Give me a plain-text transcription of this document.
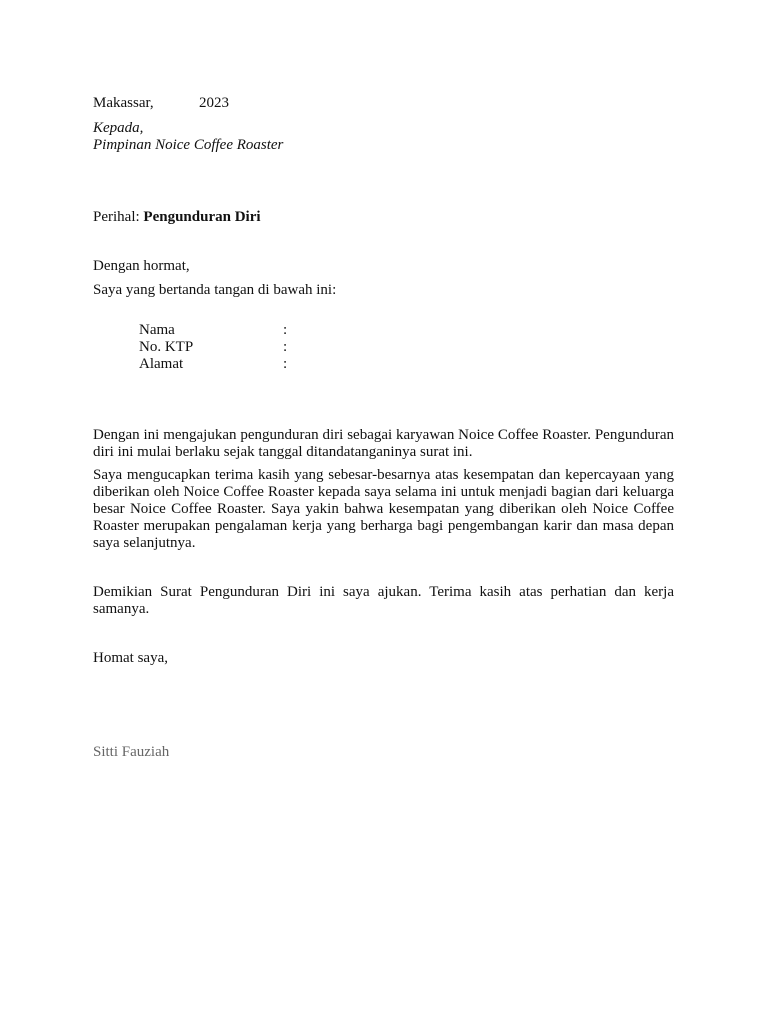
Makassar,	2023
Kepada,
Pimpinan Noice Coffee Roaster
Perihal: Pengunduran Diri
Dengan hormat,
Saya yang bertanda tangan di bawah ini:
Nama	:
No. KTP	:
Alamat	:
Dengan ini mengajukan pengunduran diri sebagai karyawan Noice Coffee Roaster. Pengunduran diri ini mulai berlaku sejak tanggal ditandatanganinya surat ini.
Saya mengucapkan terima kasih yang sebesar-besarnya atas kesempatan dan kepercayaan yang diberikan oleh Noice Coffee Roaster kepada saya selama ini untuk menjadi bagian dari keluarga besar Noice Coffee Roaster. Saya yakin bahwa kesempatan yang diberikan oleh Noice Coffee Roaster merupakan pengalaman kerja yang berharga bagi pengembangan karir dan masa depan saya selanjutnya.
Demikian Surat Pengunduran Diri ini saya ajukan. Terima kasih atas perhatian dan kerja samanya.
Homat saya,
Sitti Fauziah
